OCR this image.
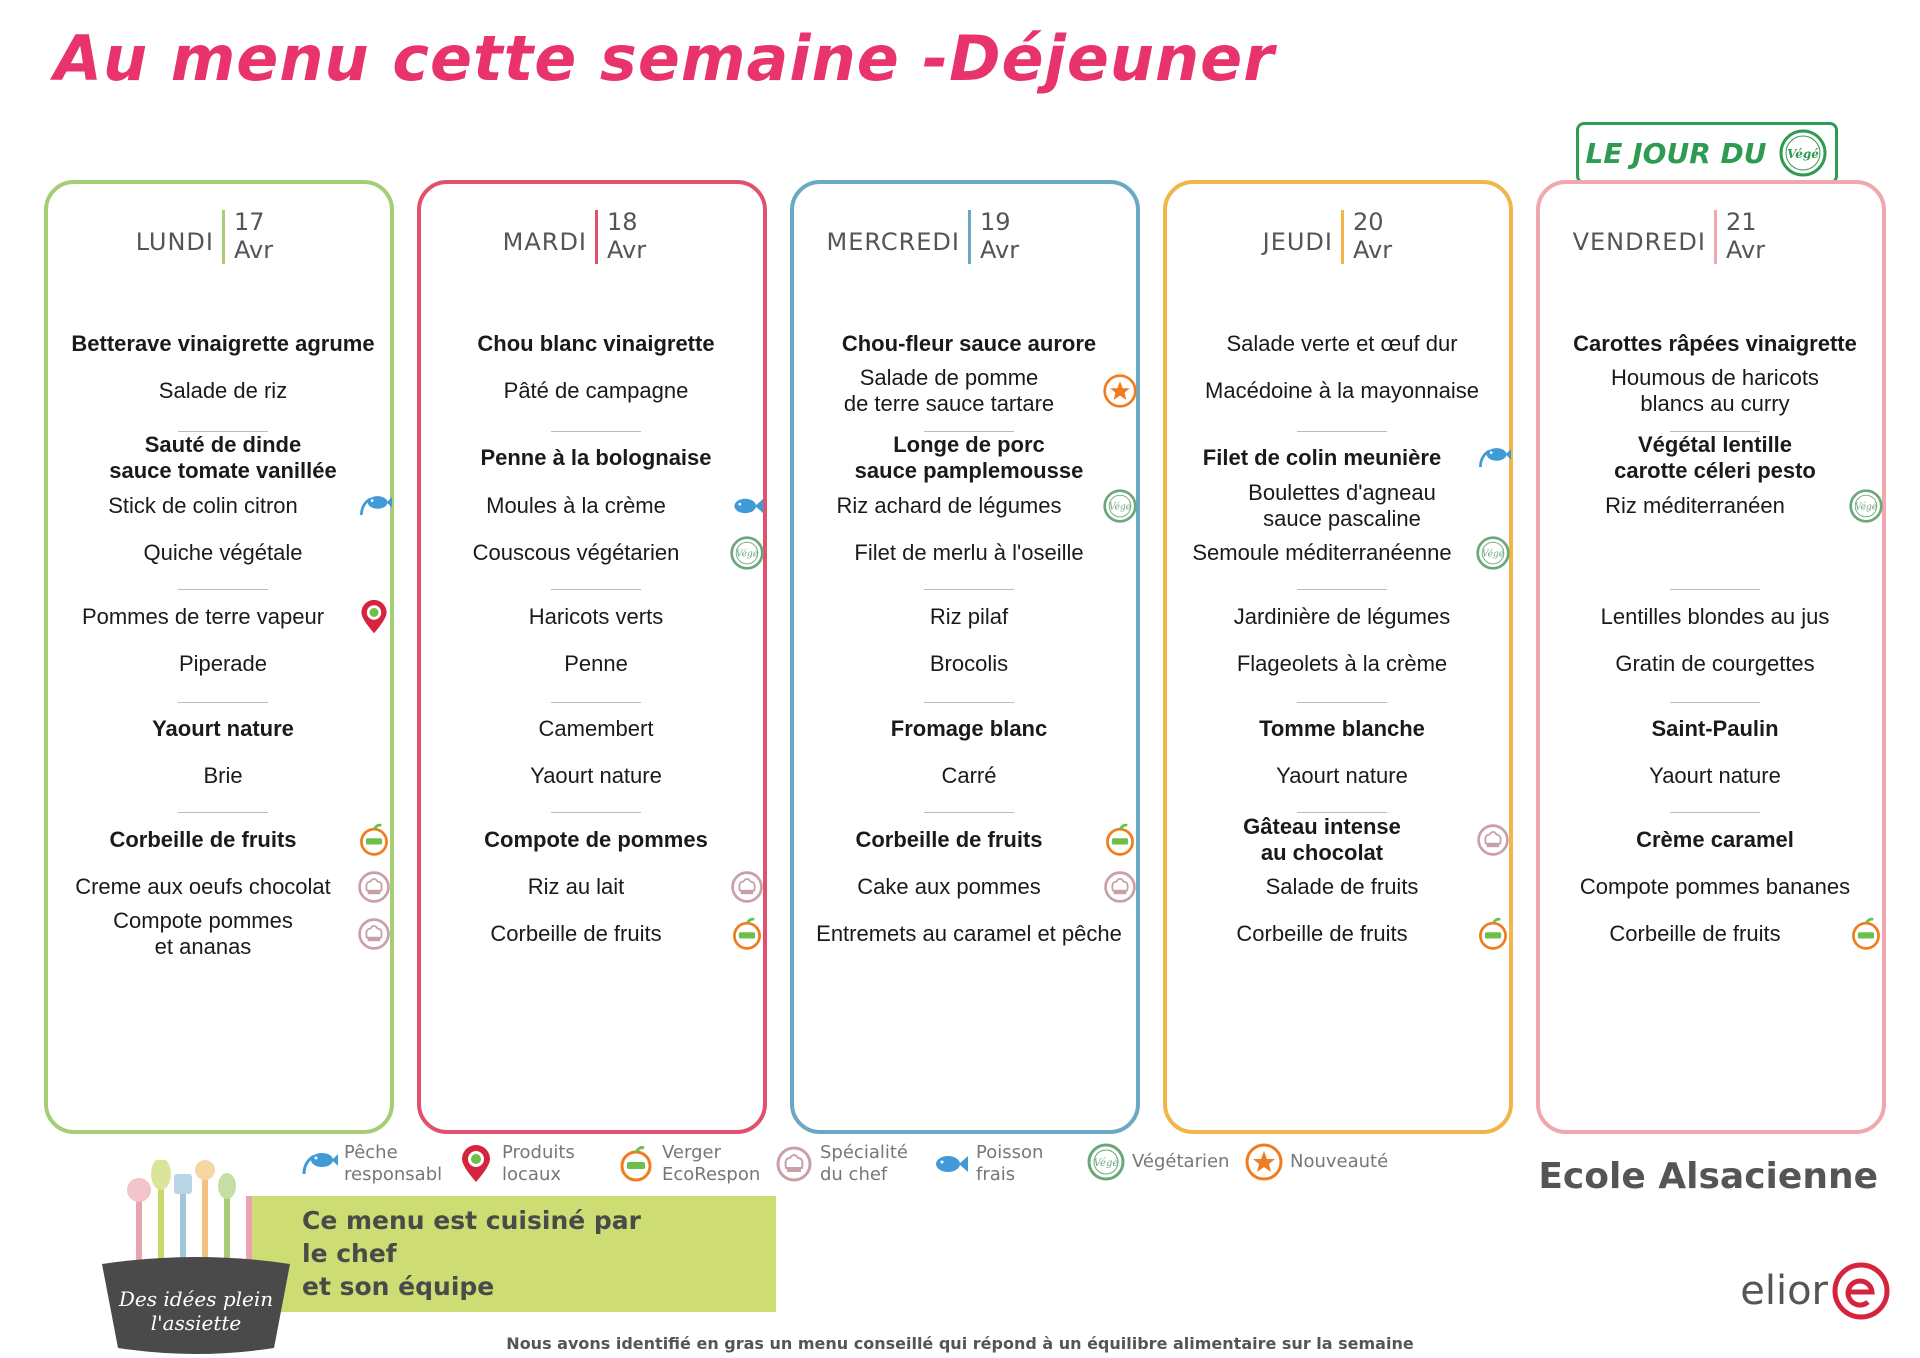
Au menu cette semaine -Déjeuner
LE JOUR DU Végé
LUNDI
17
Avr
Betterave vinaigrette agrume
Salade de riz
Sauté de dinde
sauce tomate vanillée
Stick de colin citron
Quiche végétale
Pommes de terre vapeur
Piperade
Yaourt nature
Brie
Corbeille de fruits
Creme aux oeufs chocolat
Compote pommes
et ananas
MARDI
18
Avr
Chou blanc vinaigrette
Pâté de campagne
Penne à la bolognaise
Moules à la crème
Couscous végétarien	Végé
Haricots verts
Penne
Camembert
Yaourt nature
Compote de pommes
Riz au lait
Corbeille de fruits
MERCREDI
19
Avr
Chou-fleur sauce aurore
Salade de pomme
de terre sauce tartare
Longe de porc
sauce pamplemousse
Riz achard de légumes	Végé
Filet de merlu à l'oseille
Riz pilaf
Brocolis
Fromage blanc
Carré
Corbeille de fruits
Cake aux pommes
Entremets au caramel et pêche
JEUDI
20
Avr
Salade verte et œuf dur
Macédoine à la mayonnaise
Filet de colin meunière
Boulettes d'agneau
sauce pascaline
Semoule méditerranéenne	Végé
Jardinière de légumes
Flageolets à la crème
Tomme blanche
Yaourt nature
Gâteau intense
au chocolat
Salade de fruits
Corbeille de fruits
VENDREDI
21
Avr
Carottes râpées vinaigrette
Houmous de haricots
blancs au curry
Végétal lentille
carotte céleri pesto
Riz méditerranéen	Végé
Lentilles blondes au jus
Gratin de courgettes
Saint-Paulin
Yaourt nature
Crème caramel
Compote pommes bananes
Corbeille de fruits
Pêche
responsabl
Produits
locaux
Verger
EcoRespon
Spécialité
du chef
Poisson
frais
Végé Végétarien	Nouveauté	Ecole Alsacienne
Ce menu est cuisiné par
le chef
et son équipe
Des idées plein
l'assiette
elior
Nous avons identifié en gras un menu conseillé qui répond à un équilibre alimentaire sur la semaine
